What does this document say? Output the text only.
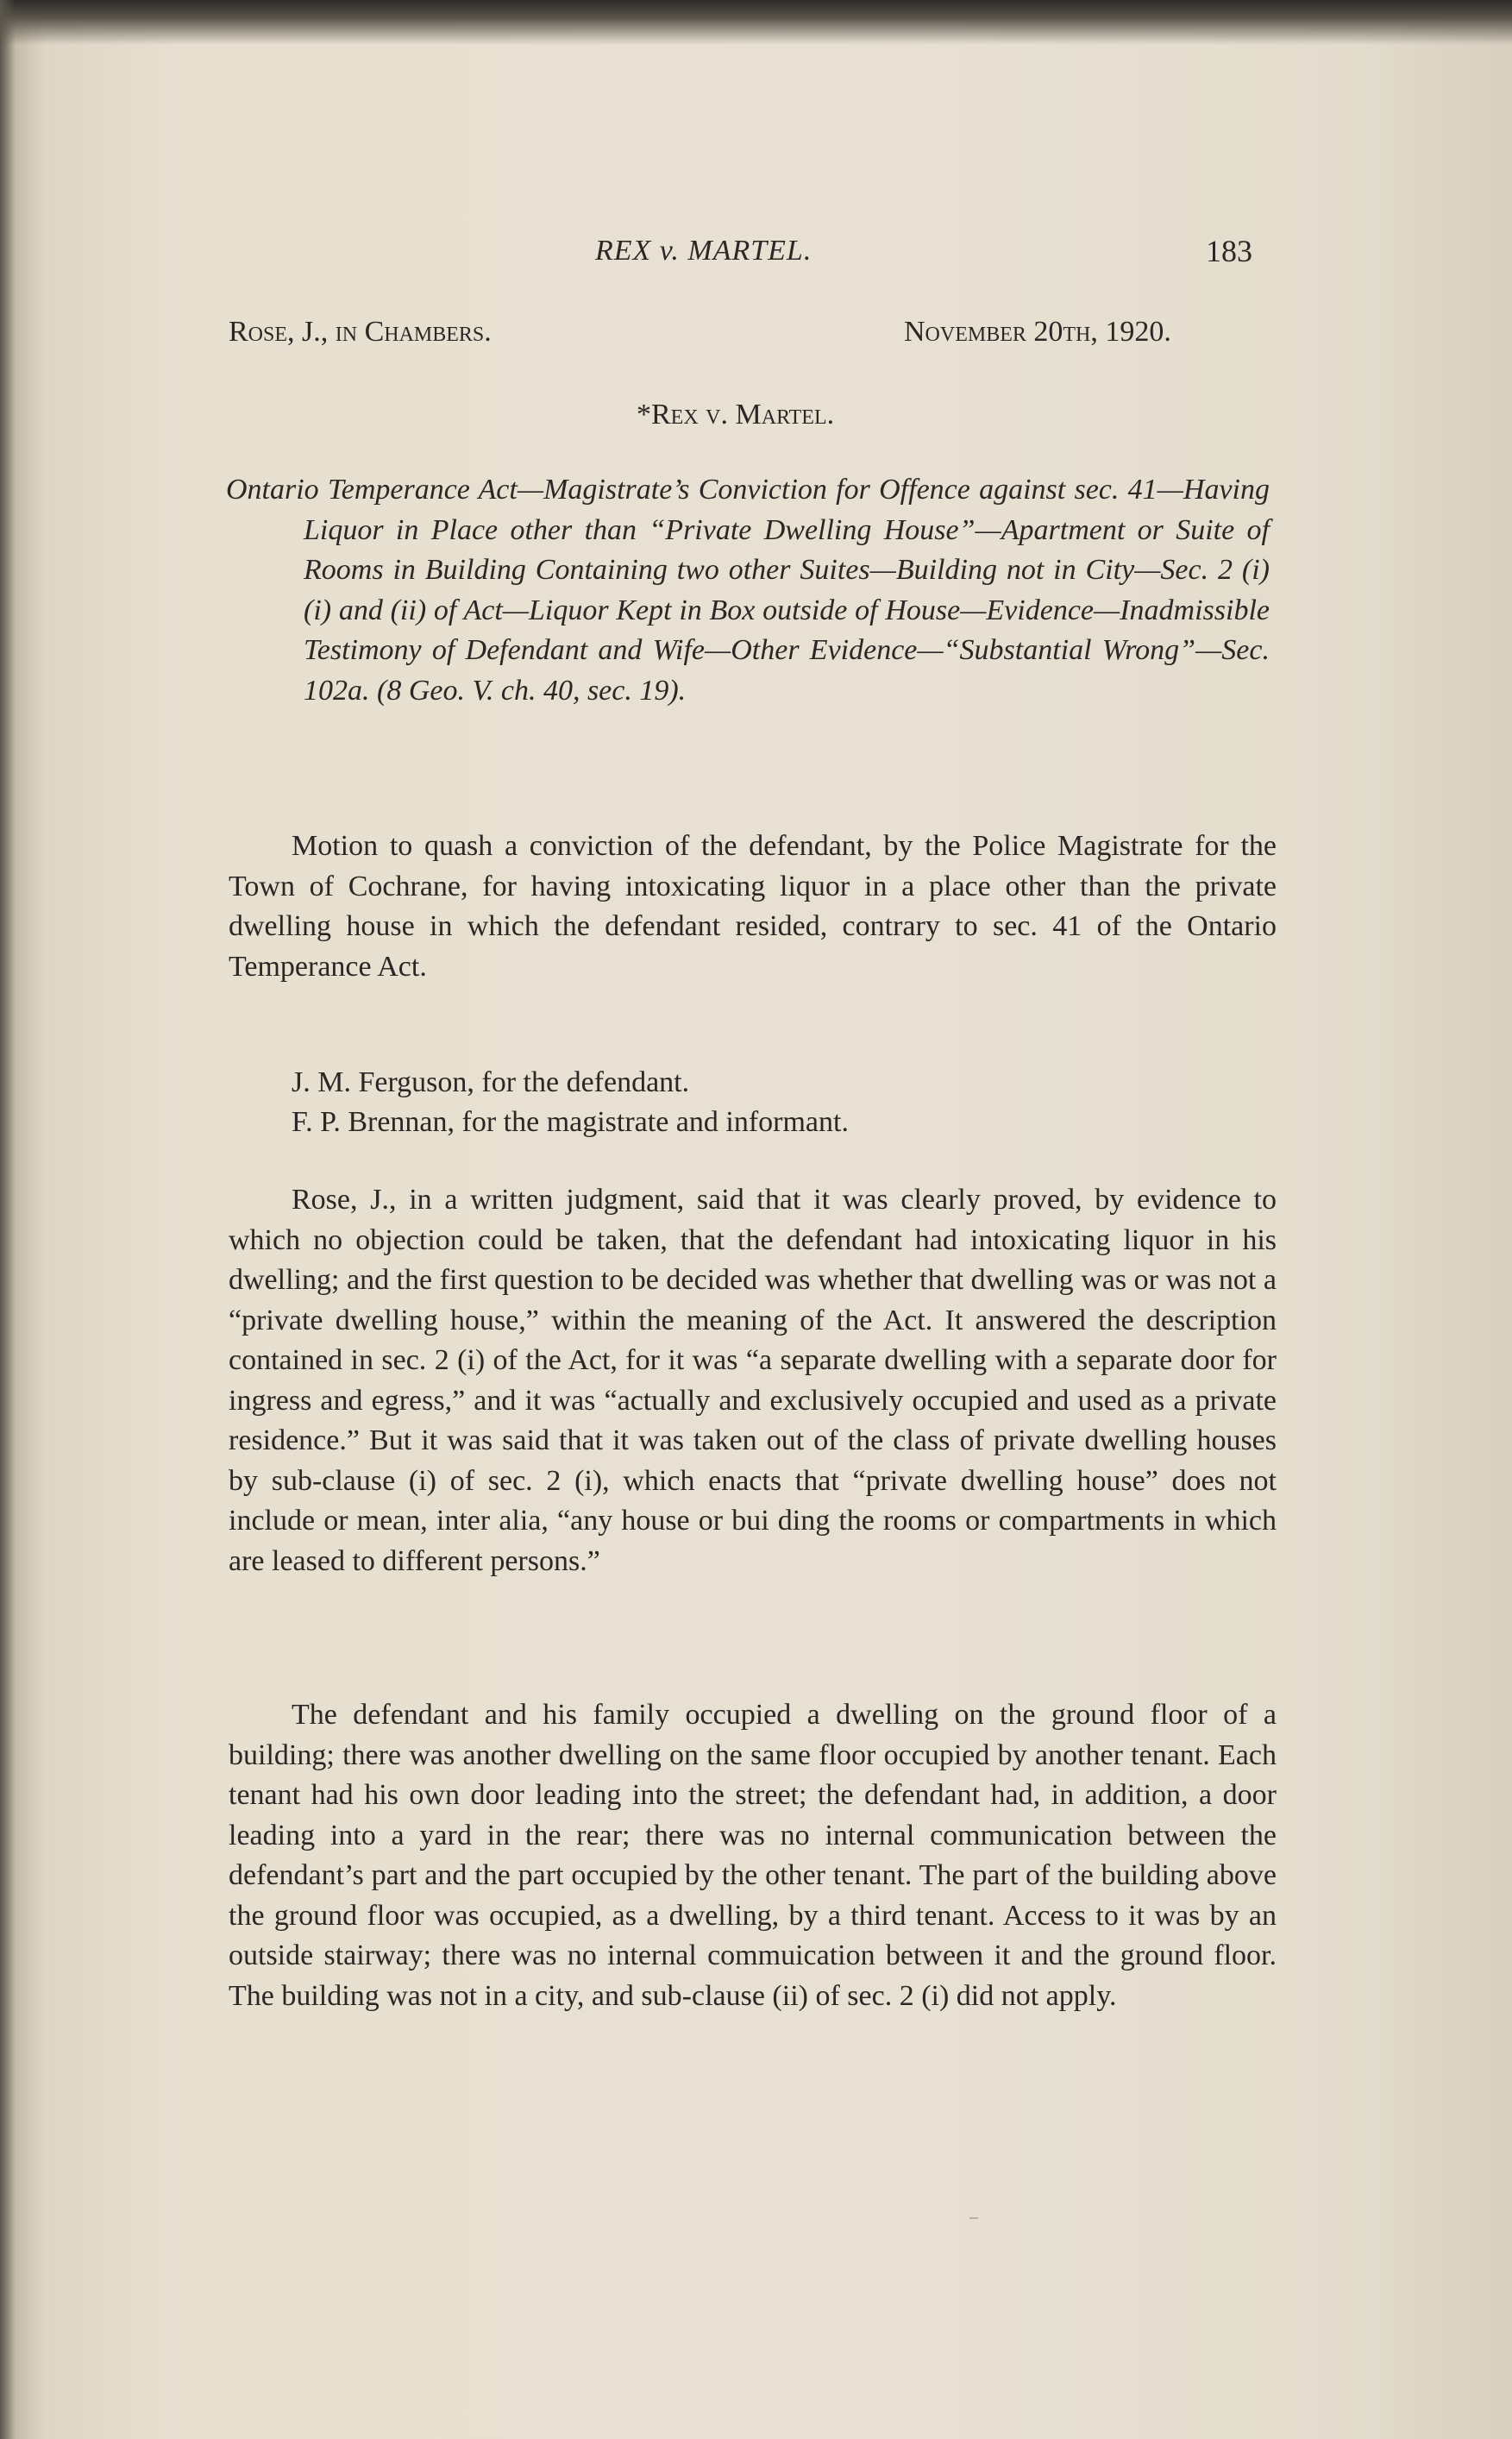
REX v. MARTEL.	183
Rose, J., in Chambers.	November 20th, 1920.
*Rex v. Martel.
Ontario Temperance Act—Magistrate’s Conviction for Offence against sec. 41—Having Liquor in Place other than “Private Dwelling House”—Apartment or Suite of Rooms in Building Containing two other Suites—Building not in City—Sec. 2 (i) (i) and (ii) of Act—Liquor Kept in Box outside of House—Evidence—Inadmissible Testimony of Defendant and Wife—Other Evidence—“Substantial Wrong”—Sec. 102a. (8 Geo. V. ch. 40, sec. 19).
Motion to quash a conviction of the defendant, by the Police Magistrate for the Town of Cochrane, for having intoxicating liquor in a place other than the private dwelling house in which the defendant resided, contrary to sec. 41 of the Ontario Temperance Act.
J. M. Ferguson, for the defendant.
F. P. Brennan, for the magistrate and informant.
Rose, J., in a written judgment, said that it was clearly proved, by evidence to which no objection could be taken, that the defendant had intoxicating liquor in his dwelling; and the first question to be decided was whether that dwelling was or was not a “private dwelling house,” within the meaning of the Act. It answered the description contained in sec. 2 (i) of the Act, for it was “a separate dwelling with a separate door for ingress and egress,” and it was “actually and exclusively occupied and used as a private residence.” But it was said that it was taken out of the class of private dwelling houses by sub-clause (i) of sec. 2 (i), which enacts that “private dwelling house” does not include or mean, inter alia, “any house or bui ding the rooms or compartments in which are leased to different persons.”
The defendant and his family occupied a dwelling on the ground floor of a building; there was another dwelling on the same floor occupied by another tenant. Each tenant had his own door leading into the street; the defendant had, in addition, a door leading into a yard in the rear; there was no internal communication between the defendant’s part and the part occupied by the other tenant. The part of the building above the ground floor was occupied, as a dwelling, by a third tenant. Access to it was by an outside stairway; there was no internal commuication between it and the ground floor. The building was not in a city, and sub-clause (ii) of sec. 2 (i) did not apply.
